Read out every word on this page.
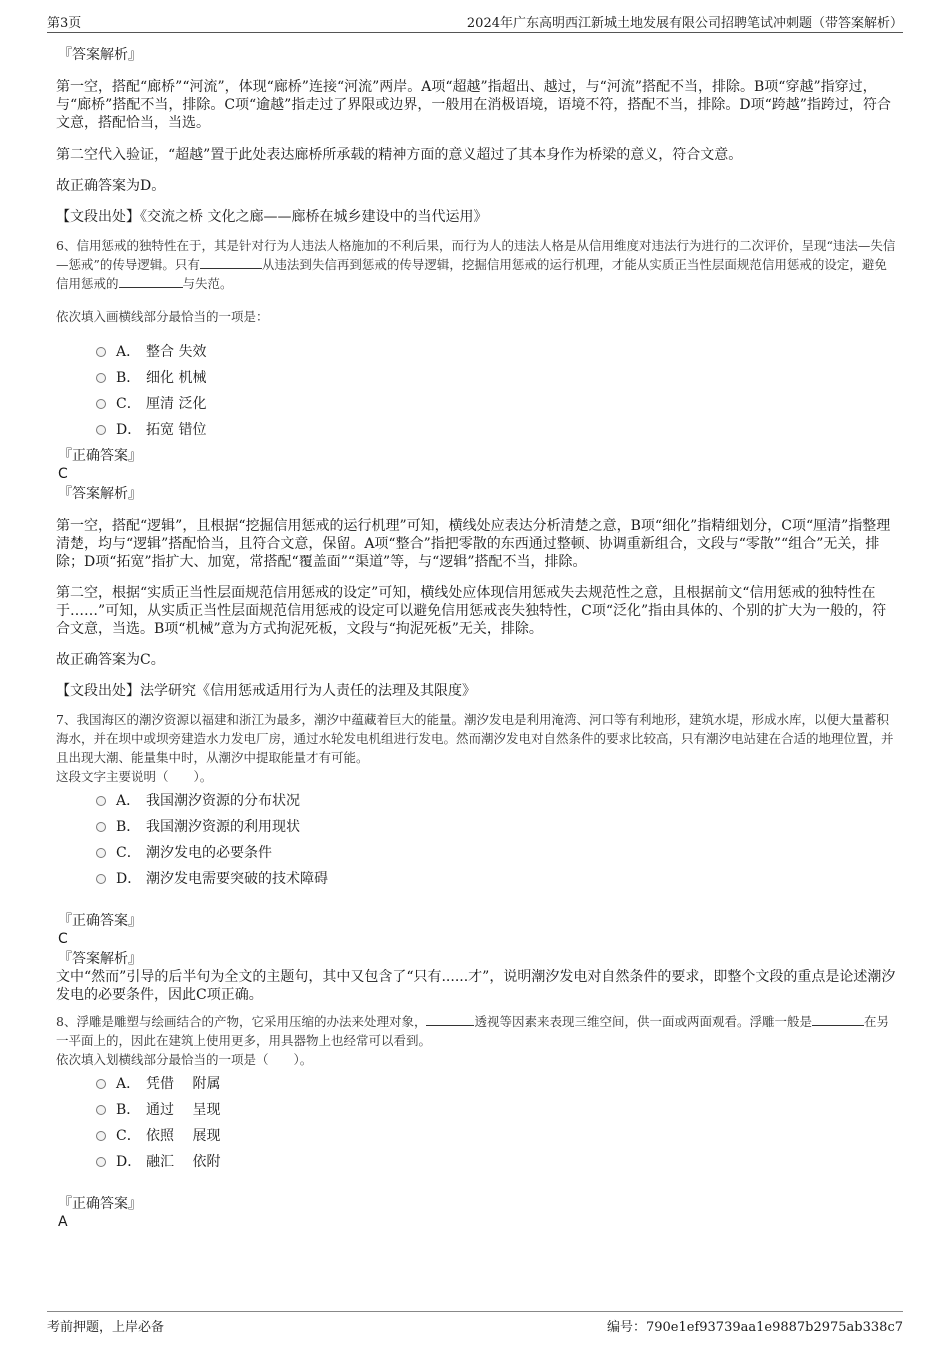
第3页	2024年广东高明西江新城土地发展有限公司招聘笔试冲刺题（带答案解析）

『答案解析』

第一空，搭配“廊桥”“河流”，体现“廊桥”连接“河流”两岸。A项“超越”指超出、越过，与“河流”搭配不当，排除。B项“穿越”指穿过，与“廊桥”搭配不当，排除。C项“逾越”指走过了界限或边界，一般用在消极语境，语境不符，搭配不当，排除。D项“跨越”指跨过，符合文意，搭配恰当，当选。

第二空代入验证，“超越”置于此处表达廊桥所承载的精神方面的意义超过了其本身作为桥梁的意义，符合文意。

故正确答案为D。

【文段出处】《交流之桥 文化之廊——廊桥在城乡建设中的当代运用》

6、信用惩戒的独特性在于，其是针对行为人违法人格施加的不利后果，而行为人的违法人格是从信用维度对违法行为进行的二次评价，呈现“违法—失信—惩戒”的传导逻辑。只有	从违法到失信再到惩戒的传导逻辑，挖掘信用惩戒的运行机理，才能从实质正当性层面规范信用惩戒的设定，避免信用惩戒的	与失范。

依次填入画横线部分最恰当的一项是：

A． 整合 失效
B． 细化 机械
C． 厘清 泛化
D． 拓宽 错位

『正确答案』

C

『答案解析』

第一空，搭配“逻辑”，且根据“挖掘信用惩戒的运行机理”可知，横线处应表达分析清楚之意，B项“细化”指精细划分，C项“厘清”指整理清楚，均与“逻辑”搭配恰当，且符合文意，保留。A项“整合”指把零散的东西通过整顿、协调重新组合，文段与“零散”“组合”无关，排除；D项“拓宽”指扩大、加宽，常搭配“覆盖面”“渠道”等，与“逻辑”搭配不当，排除。

第二空，根据“实质正当性层面规范信用惩戒的设定”可知，横线处应体现信用惩戒失去规范性之意，且根据前文“信用惩戒的独特性在于……”可知，从实质正当性层面规范信用惩戒的设定可以避免信用惩戒丧失独特性，C项“泛化”指由具体的、个别的扩大为一般的，符合文意，当选。B项“机械”意为方式拘泥死板，文段与“拘泥死板”无关，排除。

故正确答案为C。

【文段出处】法学研究《信用惩戒适用行为人责任的法理及其限度》

7、我国海区的潮汐资源以福建和浙江为最多，潮汐中蕴藏着巨大的能量。潮汐发电是利用淹湾、河口等有利地形，建筑水堤，形成水库，以便大量蓄积海水，并在坝中或坝旁建造水力发电厂房，通过水轮发电机组进行发电。然而潮汐发电对自然条件的要求比较高，只有潮汐电站建在合适的地理位置，并且出现大潮、能量集中时，从潮汐中提取能量才有可能。

这段文字主要说明（　　）。

A． 我国潮汐资源的分布状况
B． 我国潮汐资源的利用现状
C． 潮汐发电的必要条件
D． 潮汐发电需要突破的技术障碍

『正确答案』

C

『答案解析』

文中“然而”引导的后半句为全文的主题句，其中又包含了“只有......才”，说明潮汐发电对自然条件的要求，即整个文段的重点是论述潮汐发电的必要条件，因此C项正确。

8、浮雕是雕塑与绘画结合的产物，它采用压缩的办法来处理对象，	透视等因素来表现三维空间，供一面或两面观看。浮雕一般是	在另一平面上的，因此在建筑上使用更多，用具器物上也经常可以看到。

依次填入划横线部分最恰当的一项是（　　）。

A． 凭借　 附属
B． 通过　 呈现
C． 依照　 展现
D． 融汇　 依附

『正确答案』

A

考前押题，上岸必备	编号：790e1ef93739aa1e9887b2975ab338c7
